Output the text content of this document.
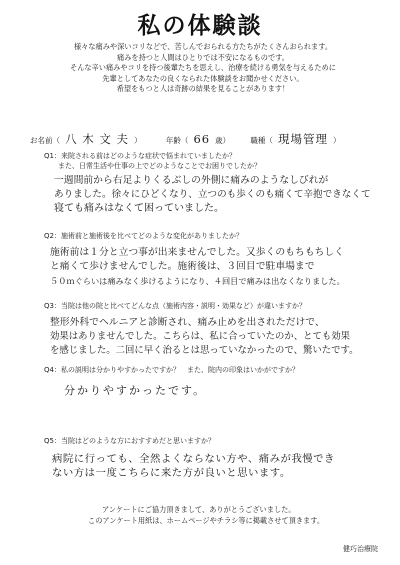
私の体験談
様々な痛みや深いコリなどで、苦しんでおられる方たちがたくさんおられます。
痛みを持つと人間はひとりでは不安になるものです。
そんな辛い痛みやコリを持つ後輩たちを思えし、治療を続ける勇気を与えるために
先輩としてあなたの良くなられた体験談をお聞かせください。
希望をもつと人は奇跡の結果を見ることがあります！
お名前（ 八 木 文 夫 ）	年齢（ 66 歳）	職種（ 現場管理 ）
Q1：来院される前はどのような症状で悩まれていましたか？
また、日常生活や仕事の上でどのようなことでお困りでしたか？
一週間前から右足よりくるぶしの外側に痛みのようなしびれが
ありました。徐々にひどくなり、立つのも歩くのも痛くて辛抱できなくて
寝ても痛みはなくて困っていました。
Q2：施術前と施術後を比べてどのような変化がありましたか？
施術前は１分と立つ事が出来ませんでした。又歩くのもちもちしく
と痛くて歩けませんでした。施術後は、３回目で駐車場まで
５０ｍぐらいは痛みなく歩けるようになり、４回目で痛みは出なくなりました。
Q3：当院は他の院と比べてどんな点（施術内容・説明・効果など）が違いますか？
整形外科でヘルニアと診断され、痛み止めを出されただけで、
効果はありませんでした。こちらは、私に合っていたのか、とても効果
を感じました。二回に早く治るとは思っていなかったので、驚いたです。
Q4：私の説明は分かりやすかったですか？　また、院内の印象はいかがですか？
分かりやすかったです。
Q5：当院はどのような方におすすめだと思いますか？
病院に行っても、全然よくならない方や、痛みが我慢でき
ない方は一度こちらに来た方が良いと思います。
アンケートにご協力頂きまして、ありがとうございました。
このアンケート用紙は、ホームページやチラシ等に掲載させて頂きます。
健巧治療院
